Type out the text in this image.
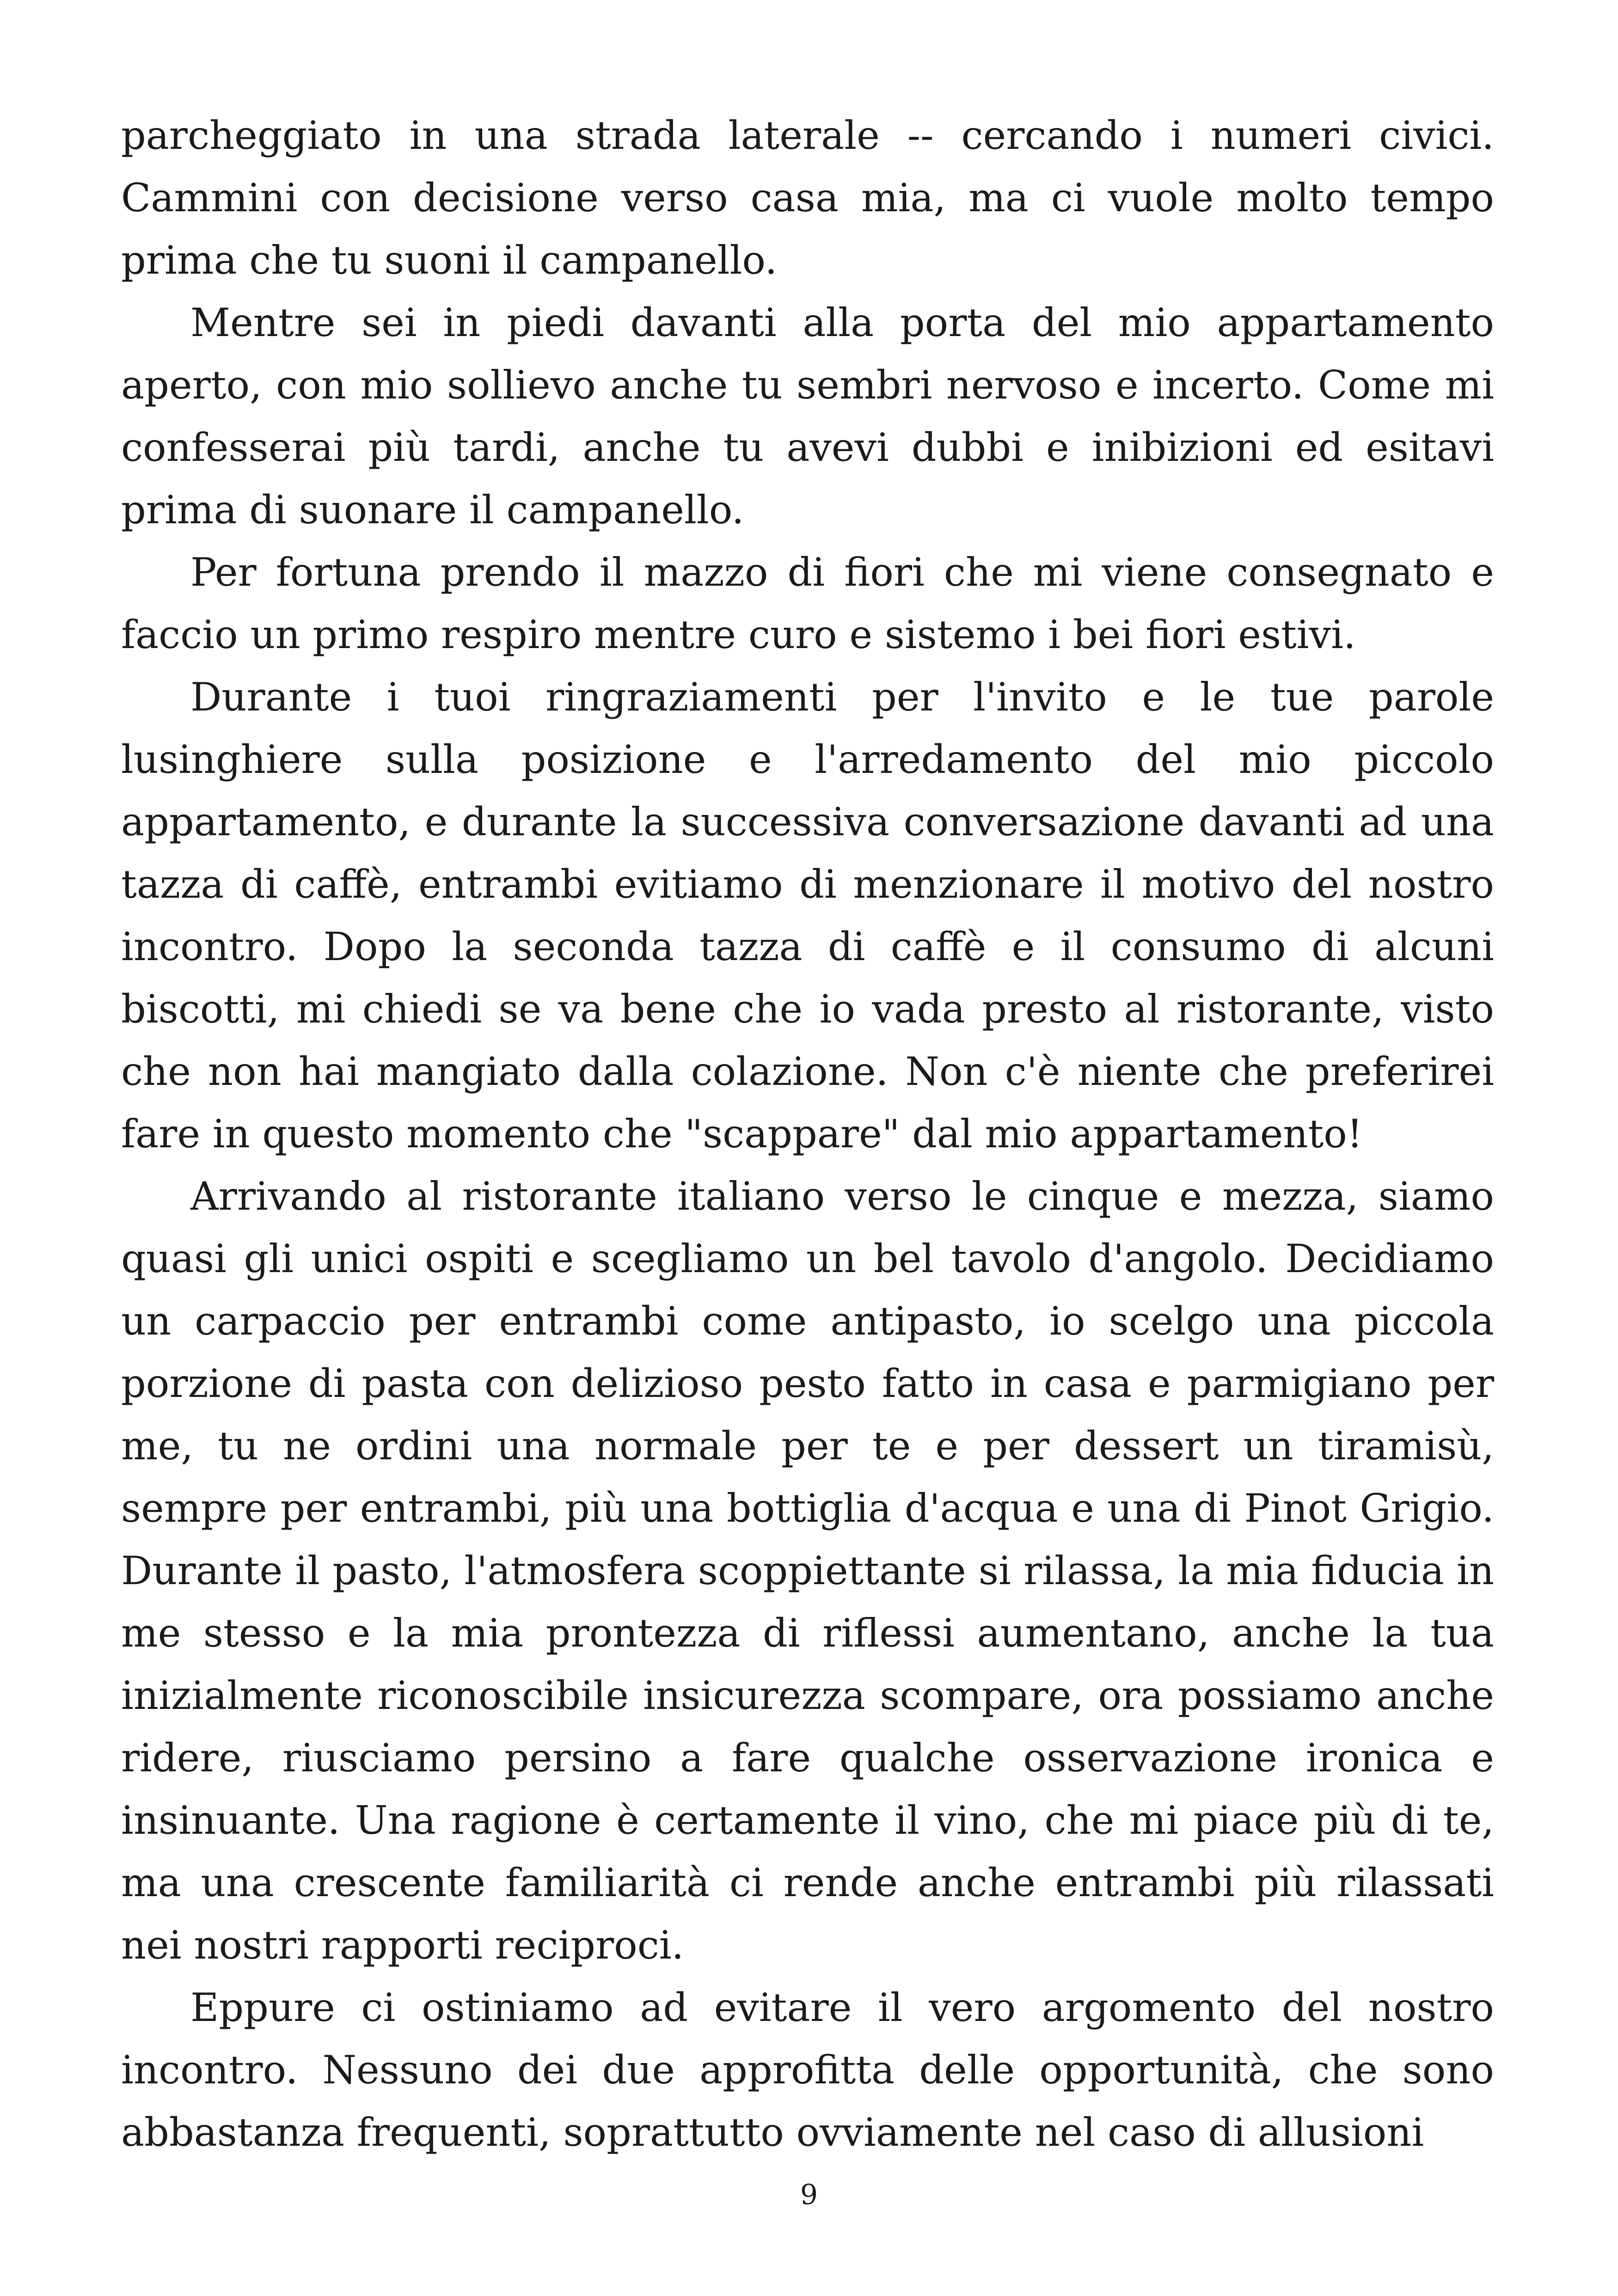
parcheggiato in una strada laterale -- cercando i numeri civici. Cammini con decisione verso casa mia, ma ci vuole molto tempo prima che tu suoni il campanello.

Mentre sei in piedi davanti alla porta del mio appartamento aperto, con mio sollievo anche tu sembri nervoso e incerto. Come mi confesserai più tardi, anche tu avevi dubbi e inibizioni ed esitavi prima di suonare il campanello.

Per fortuna prendo il mazzo di fiori che mi viene consegnato e faccio un primo respiro mentre curo e sistemo i bei fiori estivi.

Durante i tuoi ringraziamenti per l'invito e le tue parole lusinghiere sulla posizione e l'arredamento del mio piccolo appartamento, e durante la successiva conversazione davanti ad una tazza di caffè, entrambi evitiamo di menzionare il motivo del nostro incontro. Dopo la seconda tazza di caffè e il consumo di alcuni biscotti, mi chiedi se va bene che io vada presto al ristorante, visto che non hai mangiato dalla colazione. Non c'è niente che preferirei fare in questo momento che "scappare" dal mio appartamento!

Arrivando al ristorante italiano verso le cinque e mezza, siamo quasi gli unici ospiti e scegliamo un bel tavolo d'angolo. Decidiamo un carpaccio per entrambi come antipasto, io scelgo una piccola porzione di pasta con delizioso pesto fatto in casa e parmigiano per me, tu ne ordini una normale per te e per dessert un tiramisù, sempre per entrambi, più una bottiglia d'acqua e una di Pinot Grigio. Durante il pasto, l'atmosfera scoppiettante si rilassa, la mia fiducia in me stesso e la mia prontezza di riflessi aumentano, anche la tua inizialmente riconoscibile insicurezza scompare, ora possiamo anche ridere, riusciamo persino a fare qualche osservazione ironica e insinuante. Una ragione è certamente il vino, che mi piace più di te, ma una crescente familiarità ci rende anche entrambi più rilassati nei nostri rapporti reciproci.

Eppure ci ostiniamo ad evitare il vero argomento del nostro incontro. Nessuno dei due approfitta delle opportunità, che sono abbastanza frequenti, soprattutto ovviamente nel caso di allusioni

9
